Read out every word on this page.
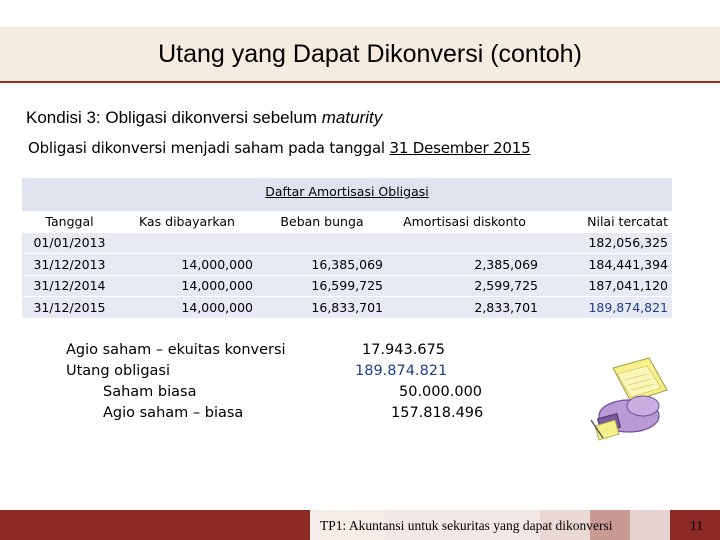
Utang yang Dapat Dikonversi (contoh)
Kondisi 3: Obligasi dikonversi sebelum maturity
Obligasi dikonversi menjadi saham pada tanggal 31 Desember 2015
Daftar Amortisasi Obligasi
Tanggal	Kas dibayarkan	Beban bunga	Amortisasi diskonto	Nilai tercatat
01/01/2013				182,056,325
31/12/2013	14,000,000	16,385,069	2,385,069	184,441,394
31/12/2014	14,000,000	16,599,725	2,599,725	187,041,120
31/12/2015	14,000,000	16,833,701	2,833,701	189,874,821
Agio saham – ekuitas konversi	17.943.675
Utang obligasi	189.874.821
Saham biasa	50.000.000
Agio saham – biasa	157.818.496
TP1: Akuntansi untuk sekuritas yang dapat dikonversi	11
